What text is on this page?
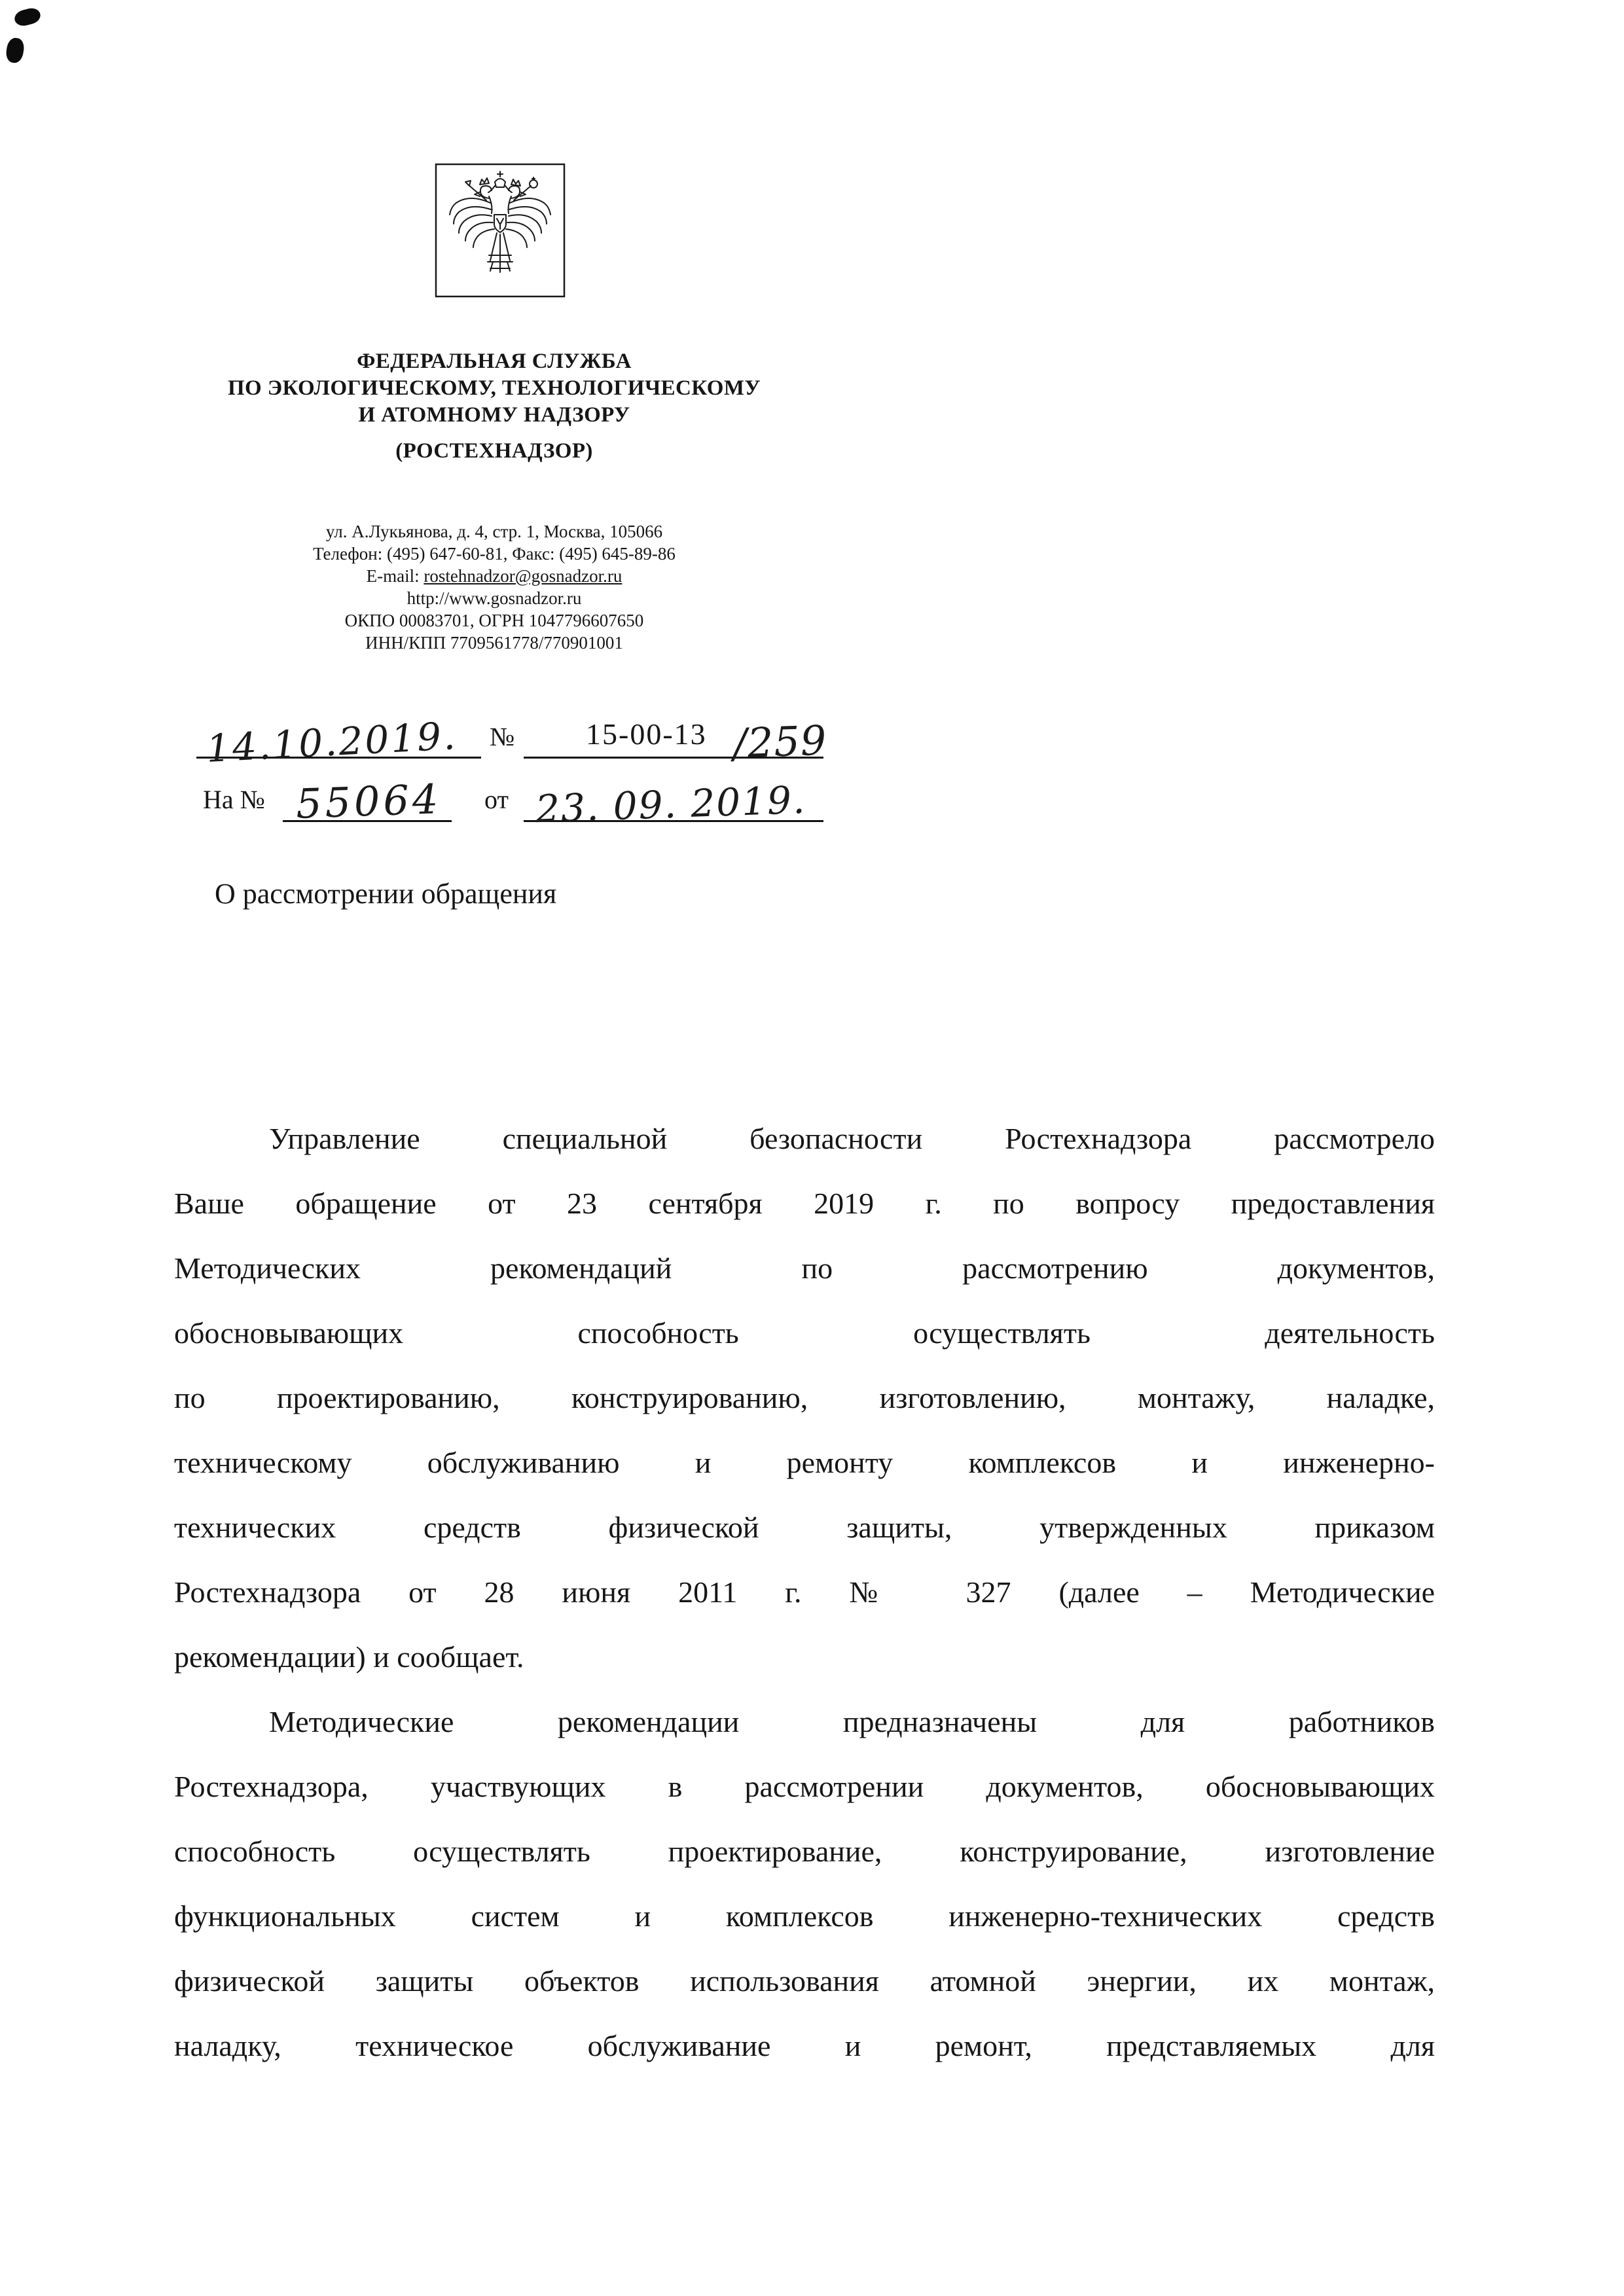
ФЕДЕРАЛЬНАЯ СЛУЖБА
ПО ЭКОЛОГИЧЕСКОМУ, ТЕХНОЛОГИЧЕСКОМУ
И АТОМНОМУ НАДЗОРУ
(РОСТЕХНАДЗОР)
ул. А.Лукьянова, д. 4, стр. 1, Москва, 105066
Телефон: (495) 647-60-81, Факс: (495) 645-89-86
E-mail: rostehnadzor@gosnadzor.ru
http://www.gosnadzor.ru
ОКПО 00083701, ОГРН 1047796607650
ИНН/КПП 7709561778/770901001
14.10.2019. № 15-00-13 /259
На № 55064 от 23. 09. 2019.
О рассмотрении обращения
Управление специальной безопасности Ростехнадзора рассмотрело
Ваше обращение от 23 сентября 2019 г. по вопросу предоставления
Методических рекомендаций по рассмотрению документов,
обосновывающих способность осуществлять деятельность
по проектированию, конструированию, изготовлению, монтажу, наладке,
техническому обслуживанию и ремонту комплексов и инженерно-
технических средств физической защиты, утвержденных приказом
Ростехнадзора от 28 июня 2011 г. № 327 (далее – Методические
рекомендации) и сообщает.
Методические рекомендации предназначены для работников
Ростехнадзора, участвующих в рассмотрении документов, обосновывающих
способность осуществлять проектирование, конструирование, изготовление
функциональных систем и комплексов инженерно-технических средств
физической защиты объектов использования атомной энергии, их монтаж,
наладку, техническое обслуживание и ремонт, представляемых для
